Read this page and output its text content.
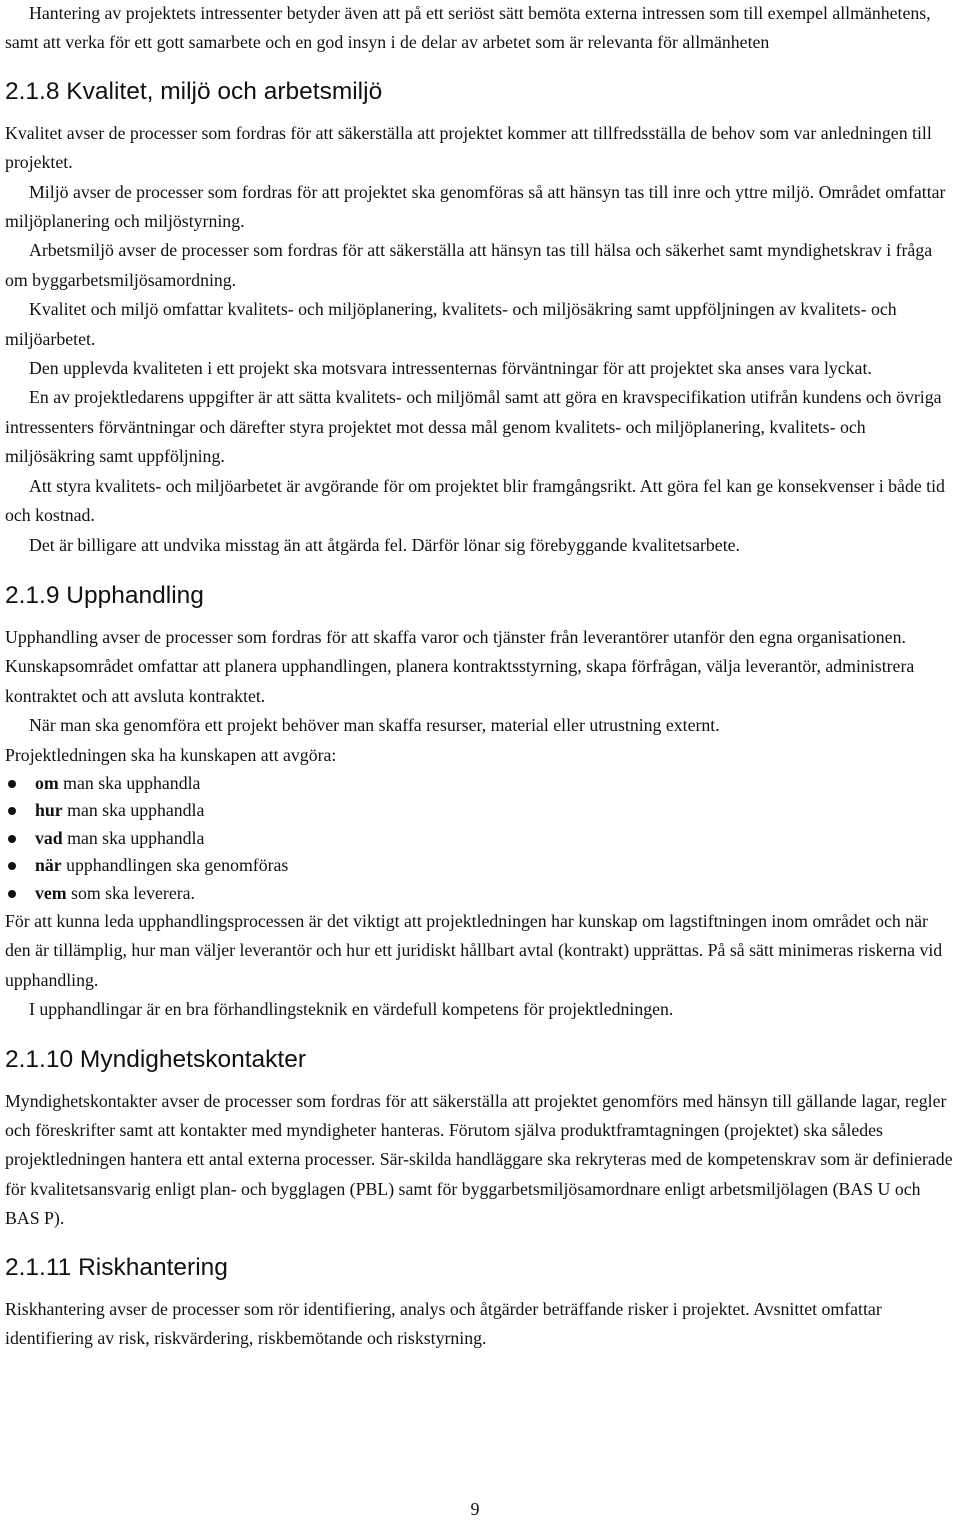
Hantering av projektets intressenter betyder även att på ett seriöst sätt bemöta externa intressen som till exempel allmänhetens, samt att verka för ett gott samarbete och en god insyn i de delar av arbetet som är relevanta för allmänheten

2.1.8 Kvalitet, miljö och arbetsmiljö

Kvalitet avser de processer som fordras för att säkerställa att projektet kommer att tillfredsställa de behov som var anledningen till projektet.

Miljö avser de processer som fordras för att projektet ska genomföras så att hänsyn tas till inre och yttre miljö. Området omfattar miljöplanering och miljöstyrning.

Arbetsmiljö avser de processer som fordras för att säkerställa att hänsyn tas till hälsa och säkerhet samt myndighetskrav i fråga om byggarbetsmiljösamordning.

Kvalitet och miljö omfattar kvalitets- och miljöplanering, kvalitets- och miljösäkring samt uppföljningen av kvalitets- och miljöarbetet.

Den upplevda kvaliteten i ett projekt ska motsvara intressenternas förväntningar för att projektet ska anses vara lyckat.

En av projektledarens uppgifter är att sätta kvalitets- och miljömål samt att göra en kravspecifikation utifrån kundens och övriga intressenters förväntningar och därefter styra projektet mot dessa mål genom kvalitets- och miljöplanering, kvalitets- och miljösäkring samt uppföljning.

Att styra kvalitets- och miljöarbetet är avgörande för om projektet blir framgångsrikt. Att göra fel kan ge konsekvenser i både tid och kostnad.

Det är billigare att undvika misstag än att åtgärda fel. Därför lönar sig förebyggande kvalitetsarbete.

2.1.9 Upphandling

Upphandling avser de processer som fordras för att skaffa varor och tjänster från leverantörer utanför den egna organisationen. Kunskapsområdet omfattar att planera upphandlingen, planera kontraktsstyrning, skapa förfrågan, välja leverantör, administrera kontraktet och att avsluta kontraktet.

När man ska genomföra ett projekt behöver man skaffa resurser, material eller utrustning externt.

Projektledningen ska ha kunskapen att avgöra:

om man ska upphandla
hur man ska upphandla
vad man ska upphandla
när upphandlingen ska genomföras
vem som ska leverera.

För att kunna leda upphandlingsprocessen är det viktigt att projektledningen har kunskap om lagstiftningen inom området och när den är tillämplig, hur man väljer leverantör och hur ett juridiskt hållbart avtal (kontrakt) upprättas. På så sätt minimeras riskerna vid upphandling.

I upphandlingar är en bra förhandlingsteknik en värdefull kompetens för projektledningen.

2.1.10 Myndighetskontakter

Myndighetskontakter avser de processer som fordras för att säkerställa att projektet genomförs med hänsyn till gällande lagar, regler och föreskrifter samt att kontakter med myndigheter hanteras. Förutom själva produktframtagningen (projektet) ska således projektledningen hantera ett antal externa processer. Sär-skilda handläggare ska rekryteras med de kompetenskrav som är definierade för kvalitetsansvarig enligt plan- och bygglagen (PBL) samt för byggarbetsmiljösamordnare enligt arbetsmiljölagen (BAS U och BAS P).

2.1.11 Riskhantering

Riskhantering avser de processer som rör identifiering, analys och åtgärder beträffande risker i projektet. Avsnittet omfattar identifiering av risk, riskvärdering, riskbemötande och riskstyrning.

9
